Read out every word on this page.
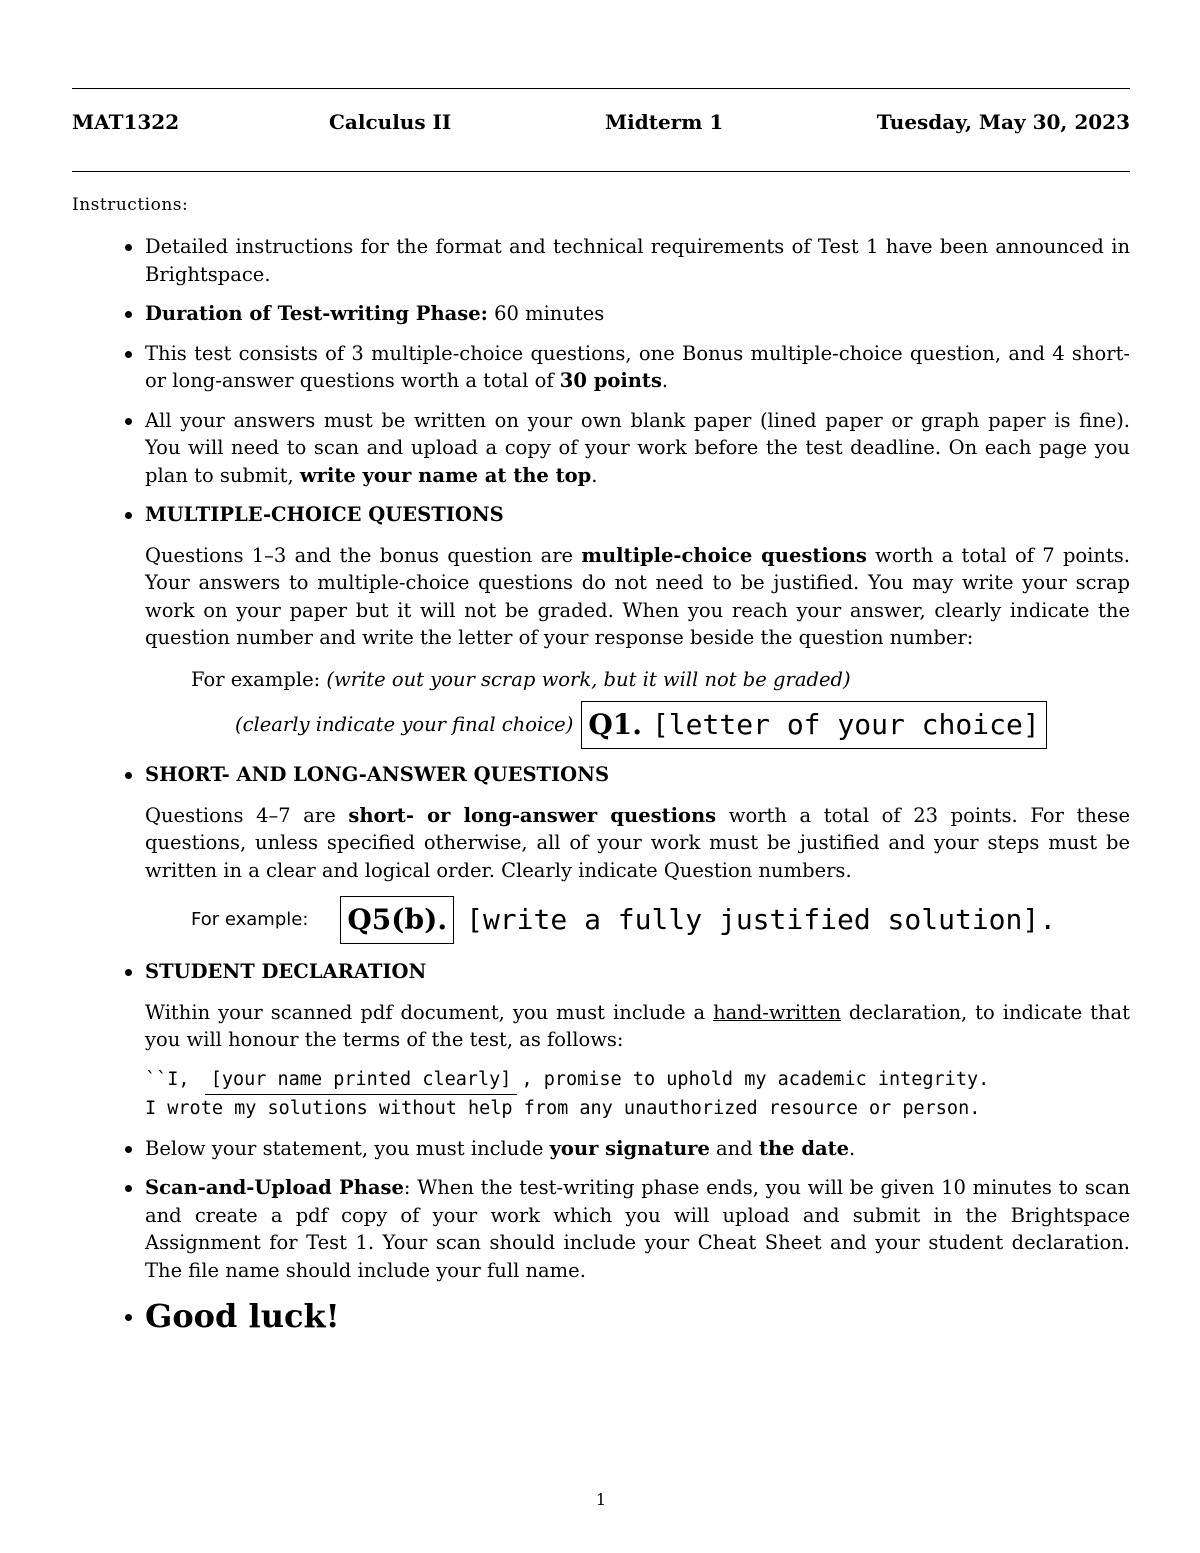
MAT1322	Calculus II	Midterm 1	Tuesday, May 30, 2023
Instructions:
Detailed instructions for the format and technical requirements of Test 1 have been announced in Brightspace.
Duration of Test-writing Phase: 60 minutes
This test consists of 3 multiple-choice questions, one Bonus multiple-choice question, and 4 short- or long-answer questions worth a total of 30 points.
All your answers must be written on your own blank paper (lined paper or graph paper is fine). You will need to scan and upload a copy of your work before the test deadline. On each page you plan to submit, write your name at the top.
MULTIPLE-CHOICE QUESTIONS
Questions 1–3 and the bonus question are multiple-choice questions worth a total of 7 points. Your answers to multiple-choice questions do not need to be justified. You may write your scrap work on your paper but it will not be graded. When you reach your answer, clearly indicate the question number and write the letter of your response beside the question number:
For example: (write out your scrap work, but it will not be graded)
(clearly indicate your final choice) Q1. [letter of your choice]
SHORT- AND LONG-ANSWER QUESTIONS
Questions 4–7 are short- or long-answer questions worth a total of 23 points. For these questions, unless specified otherwise, all of your work must be justified and your steps must be written in a clear and logical order. Clearly indicate Question numbers.
For example: Q5(b). [write a fully justified solution].
STUDENT DECLARATION
Within your scanned pdf document, you must include a hand-written declaration, to indicate that you will honour the terms of the test, as follows:
``I, [your name printed clearly] , promise to uphold my academic integrity.
I wrote my solutions without help from any unauthorized resource or person.
Below your statement, you must include your signature and the date.
Scan-and-Upload Phase: When the test-writing phase ends, you will be given 10 minutes to scan and create a pdf copy of your work which you will upload and submit in the Brightspace Assignment for Test 1. Your scan should include your Cheat Sheet and your student declaration. The file name should include your full name.
Good luck!
1
